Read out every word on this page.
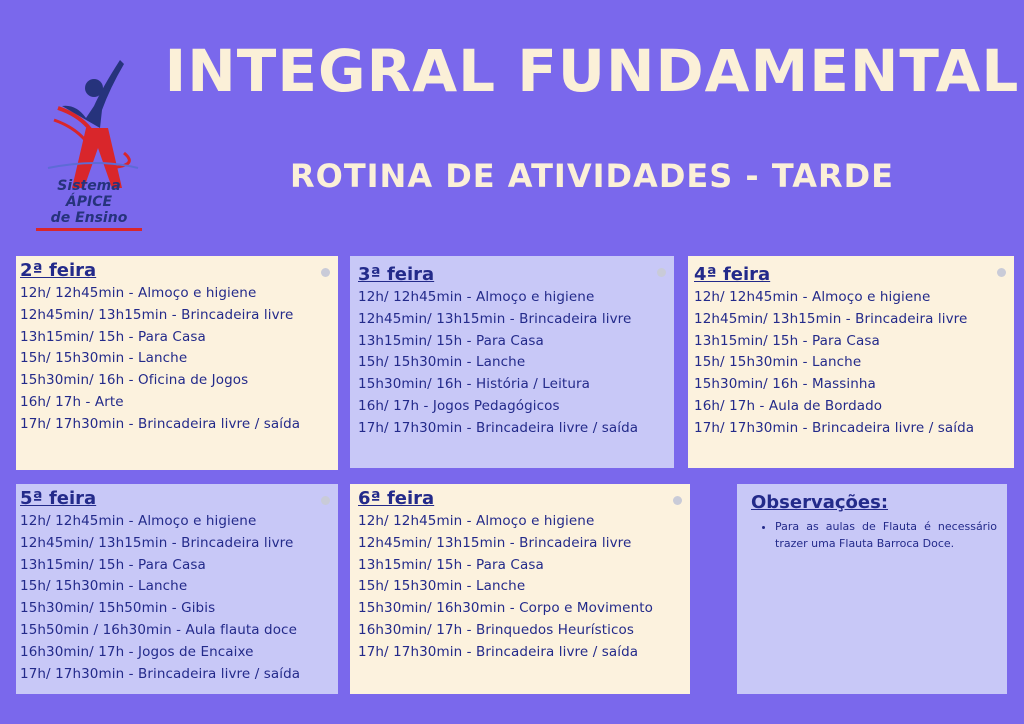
Sistema
ÁPICE
de Ensino
INTEGRAL FUNDAMENTAL
ROTINA DE ATIVIDADES - TARDE
2ª feira
12h/ 12h45min - Almoço e higiene
12h45min/ 13h15min - Brincadeira livre
13h15min/ 15h - Para Casa
15h/ 15h30min - Lanche
15h30min/ 16h - Oficina de Jogos
16h/ 17h - Arte
17h/ 17h30min - Brincadeira livre / saída
3ª feira
12h/ 12h45min - Almoço e higiene
12h45min/ 13h15min - Brincadeira livre
13h15min/ 15h - Para Casa
15h/ 15h30min - Lanche
15h30min/ 16h - História / Leitura
16h/ 17h - Jogos Pedagógicos
17h/ 17h30min - Brincadeira livre / saída
4ª feira
12h/ 12h45min - Almoço e higiene
12h45min/ 13h15min - Brincadeira livre
13h15min/ 15h - Para Casa
15h/ 15h30min - Lanche
15h30min/ 16h - Massinha
16h/ 17h - Aula de Bordado
17h/ 17h30min - Brincadeira livre / saída
5ª feira
12h/ 12h45min - Almoço e higiene
12h45min/ 13h15min - Brincadeira livre
13h15min/ 15h - Para Casa
15h/ 15h30min - Lanche
15h30min/ 15h50min - Gibis
15h50min / 16h30min - Aula flauta doce
16h30min/ 17h - Jogos de Encaixe
17h/ 17h30min - Brincadeira livre / saída
6ª feira
12h/ 12h45min - Almoço e higiene
12h45min/ 13h15min - Brincadeira livre
13h15min/ 15h - Para Casa
15h/ 15h30min - Lanche
15h30min/ 16h30min - Corpo e Movimento
16h30min/ 17h - Brinquedos Heurísticos
17h/ 17h30min - Brincadeira livre / saída
Observações:
• Para as aulas de Flauta é necessário trazer uma Flauta Barroca Doce.
